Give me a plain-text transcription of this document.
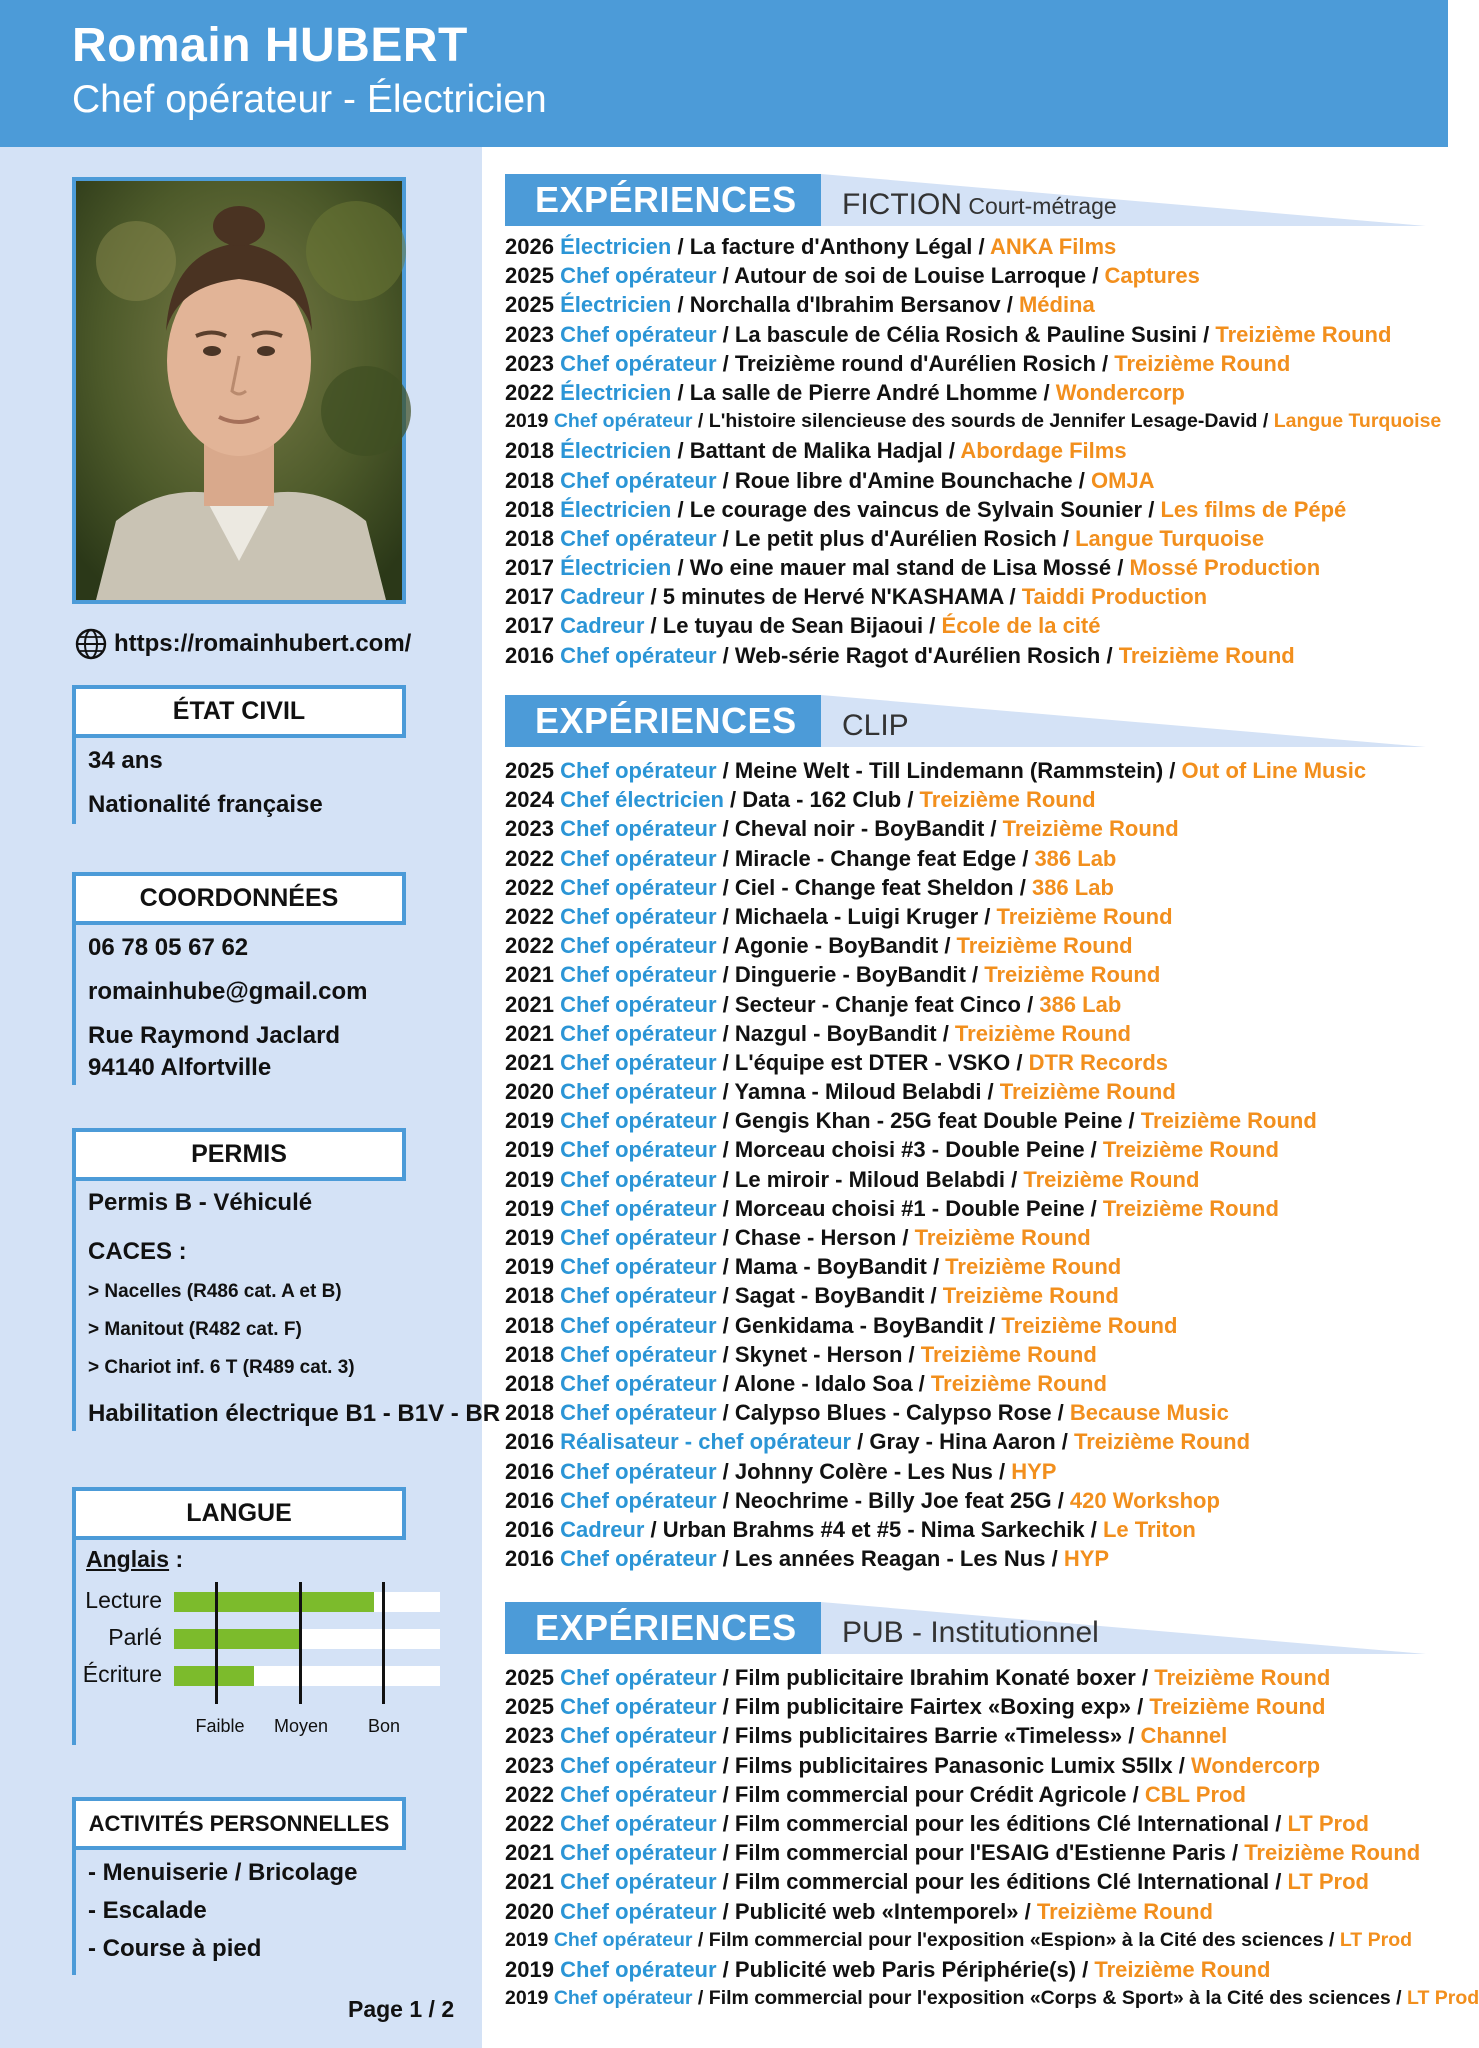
Romain HUBERT
Chef opérateur - Électricien
https://romainhubert.com/
ÉTAT CIVIL
34 ans
Nationalité française
COORDONNÉES
06 78 05 67 62
romainhube@gmail.com
Rue Raymond Jaclard
94140 Alfortville
PERMIS
Permis B - Véhiculé
CACES :
> Nacelles (R486 cat. A et B)
> Manitout (R482 cat. F)
> Chariot inf. 6 T (R489 cat. 3)
Habilitation électrique B1 - B1V - BR
LANGUE
Anglais :
Lecture
Parlé
Écriture
Faible	Moyen	Bon
ACTIVITÉS PERSONNELLES
- Menuiserie / Bricolage
- Escalade
- Course à pied
Page 1 / 2
EXPÉRIENCES	FICTION Court-métrage
2026 Électricien / La facture d'Anthony Légal / ANKA Films
2025 Chef opérateur / Autour de soi de Louise Larroque / Captures
2025 Électricien / Norchalla d'Ibrahim Bersanov / Médina
2023 Chef opérateur / La bascule de Célia Rosich & Pauline Susini / Treizième Round
2023 Chef opérateur / Treizième round d'Aurélien Rosich / Treizième Round
2022 Électricien / La salle de Pierre André Lhomme / Wondercorp
2019 Chef opérateur / L'histoire silencieuse des sourds de Jennifer Lesage-David / Langue Turquoise
2018 Électricien / Battant de Malika Hadjal / Abordage Films
2018 Chef opérateur / Roue libre d'Amine Bounchache / OMJA
2018 Électricien / Le courage des vaincus de Sylvain Sounier / Les films de Pépé
2018 Chef opérateur / Le petit plus d'Aurélien Rosich / Langue Turquoise
2017 Électricien / Wo eine mauer mal stand de Lisa Mossé / Mossé Production
2017 Cadreur / 5 minutes de Hervé N'KASHAMA / Taiddi Production
2017 Cadreur / Le tuyau de Sean Bijaoui / École de la cité
2016 Chef opérateur / Web-série Ragot d'Aurélien Rosich / Treizième Round
EXPÉRIENCES	CLIP
2025 Chef opérateur / Meine Welt - Till Lindemann (Rammstein) / Out of Line Music
2024 Chef électricien / Data - 162 Club / Treizième Round
2023 Chef opérateur / Cheval noir - BoyBandit / Treizième Round
2022 Chef opérateur / Miracle - Change feat Edge / 386 Lab
2022 Chef opérateur / Ciel - Change feat Sheldon / 386 Lab
2022 Chef opérateur / Michaela - Luigi Kruger / Treizième Round
2022 Chef opérateur / Agonie - BoyBandit / Treizième Round
2021 Chef opérateur / Dinguerie - BoyBandit / Treizième Round
2021 Chef opérateur / Secteur - Chanje feat Cinco / 386 Lab
2021 Chef opérateur / Nazgul - BoyBandit / Treizième Round
2021 Chef opérateur / L'équipe est DTER - VSKO / DTR Records
2020 Chef opérateur / Yamna - Miloud Belabdi / Treizième Round
2019 Chef opérateur / Gengis Khan - 25G feat Double Peine / Treizième Round
2019 Chef opérateur / Morceau choisi #3 - Double Peine / Treizième Round
2019 Chef opérateur / Le miroir - Miloud Belabdi / Treizième Round
2019 Chef opérateur / Morceau choisi #1 - Double Peine / Treizième Round
2019 Chef opérateur / Chase - Herson / Treizième Round
2019 Chef opérateur / Mama - BoyBandit / Treizième Round
2018 Chef opérateur / Sagat - BoyBandit / Treizième Round
2018 Chef opérateur / Genkidama - BoyBandit / Treizième Round
2018 Chef opérateur / Skynet - Herson / Treizième Round
2018 Chef opérateur / Alone - Idalo Soa / Treizième Round
2018 Chef opérateur / Calypso Blues - Calypso Rose / Because Music
2016 Réalisateur - chef opérateur / Gray - Hina Aaron / Treizième Round
2016 Chef opérateur / Johnny Colère - Les Nus / HYP
2016 Chef opérateur / Neochrime - Billy Joe feat 25G / 420 Workshop
2016 Cadreur / Urban Brahms #4 et #5 - Nima Sarkechik / Le Triton
2016 Chef opérateur / Les années Reagan - Les Nus / HYP
EXPÉRIENCES	PUB - Institutionnel
2025 Chef opérateur / Film publicitaire Ibrahim Konaté boxer / Treizième Round
2025 Chef opérateur / Film publicitaire Fairtex «Boxing exp» / Treizième Round
2023 Chef opérateur / Films publicitaires Barrie «Timeless» / Channel
2023 Chef opérateur / Films publicitaires Panasonic Lumix S5IIx / Wondercorp
2022 Chef opérateur / Film commercial pour Crédit Agricole / CBL Prod
2022 Chef opérateur / Film commercial pour les éditions Clé International / LT Prod
2021 Chef opérateur / Film commercial pour l'ESAIG d'Estienne Paris / Treizième Round
2021 Chef opérateur / Film commercial pour les éditions Clé International / LT Prod
2020 Chef opérateur / Publicité web «Intemporel» / Treizième Round
2019 Chef opérateur / Film commercial pour l'exposition «Espion» à la Cité des sciences / LT Prod
2019 Chef opérateur / Publicité web Paris Périphérie(s) / Treizième Round
2019 Chef opérateur / Film commercial pour l'exposition «Corps & Sport» à la Cité des sciences / LT Prod
